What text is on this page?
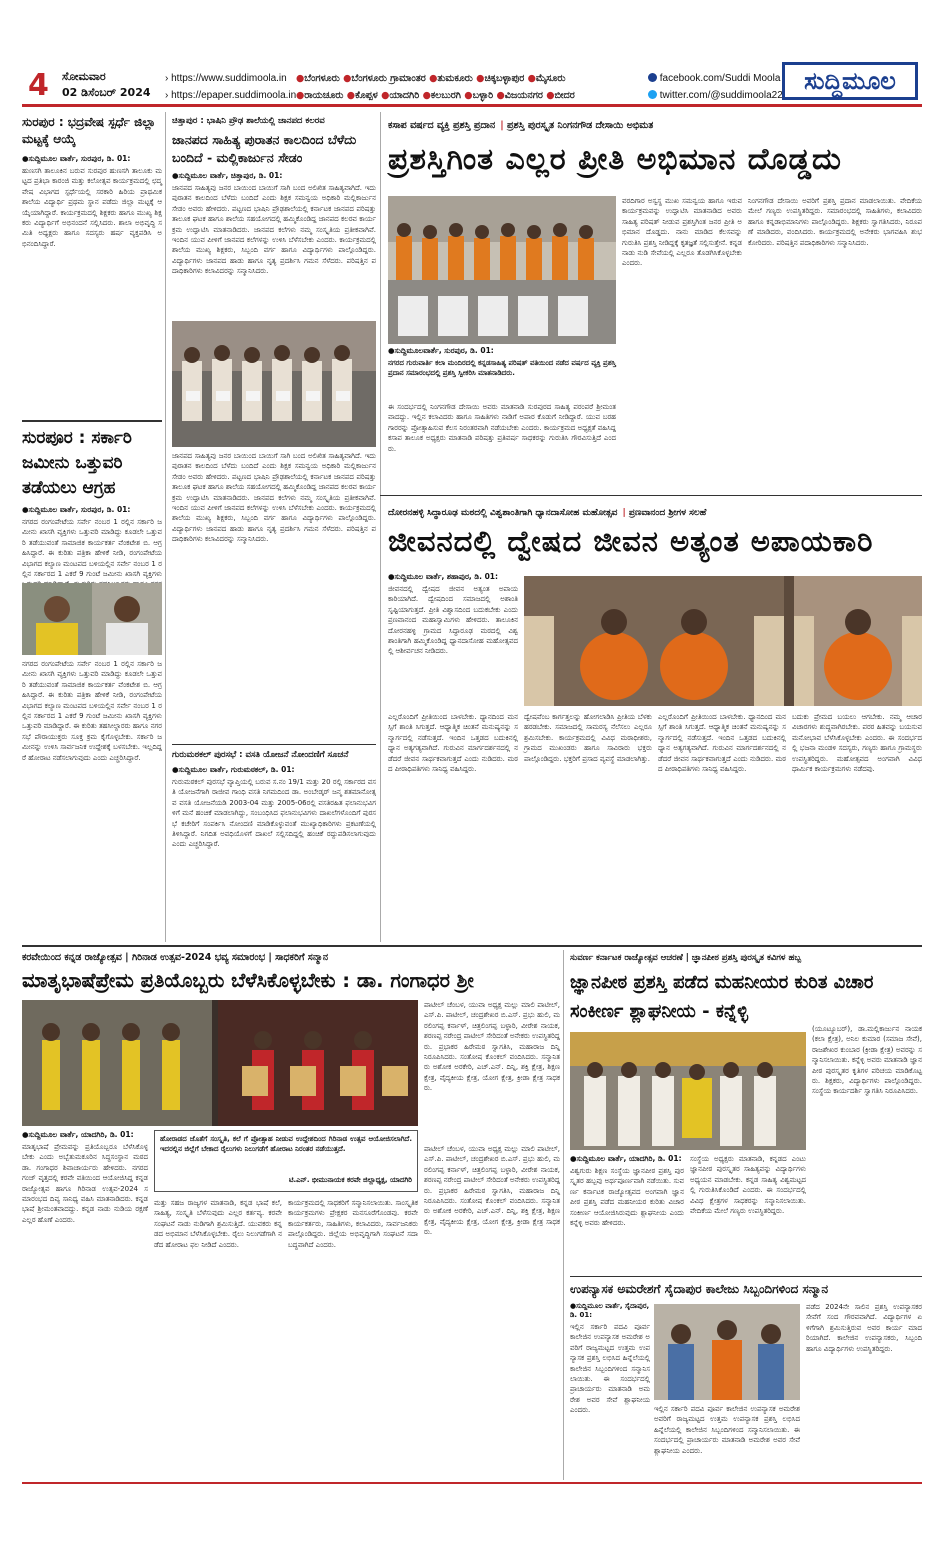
4 ಸೋಮವಾರ
02 ಡಿಸೆಂಬರ್ 2024
› https://www.suddimoola.in
› https://epaper.suddimoola.in
●ಬೆಂಗಳೂರು ●ಬೆಂಗಳೂರು ಗ್ರಾಮಾಂತರ ●ತುಮಕೂರು ●ಚಿಕ್ಕಬಳ್ಳಾಪುರ ●ಮೈಸೂರು
●ರಾಯಚೂರು ●ಕೊಪ್ಪಳ ●ಯಾದಗಿರಿ ●ಕಲಬುರಗಿ ●ಬಳ್ಳಾರಿ ●ವಿಜಯನಗರ ●ಬೀದರ
facebook.com/Suddi Moola
twitter.com/@suddimoola22
ಸುದ್ದಿಮೂಲ
ಸುರಪುರ : ಭದ್ರವೇಷ ಸ್ಪರ್ಧೆ ಜಿಲ್ಲಾ ಮಟ್ಟಕ್ಕೆ ಆಯ್ಕೆ
●ಸುದ್ದಿಮೂಲ ವಾರ್ತೆ, ಸುರಪುರ, ಡಿ. 01:
ಹುಣಸಗಿ ತಾಲೂಕಿನ ಬರುವ ಸುರಪುರ ಹುಣಸಗಿ ತಾಲೂಕು ಮಟ್ಟದ ಪ್ರತಿಭಾ ಕಾರಂಜಿ ಮತ್ತು ಕಲೋತ್ಸವ ಕಾರ್ಯಕ್ರಮದಲ್ಲಿ ಛದ್ಮವೇಷ ವಿಭಾಗದ ಸ್ಪರ್ಧೆಯಲ್ಲಿ ಸರಕಾರಿ ಹಿರಿಯ ಪ್ರಾಥಮಿಕ ಶಾಲೆಯ ವಿದ್ಯಾರ್ಥಿ ಪ್ರಥಮ ಸ್ಥಾನ ಪಡೆದು ಜಿಲ್ಲಾ ಮಟ್ಟಕ್ಕೆ ಆಯ್ಕೆಯಾಗಿದ್ದಾರೆ. ಕಾರ್ಯಕ್ರಮದಲ್ಲಿ ಶಿಕ್ಷಕರು ಹಾಗೂ ಮುಖ್ಯ ಶಿಕ್ಷಕರು ವಿದ್ಯಾರ್ಥಿಗೆ ಅಭಿನಂದನೆ ಸಲ್ಲಿಸಿದರು. ಶಾಲಾ ಅಭಿವೃದ್ಧಿ ಸಮಿತಿ ಅಧ್ಯಕ್ಷರು ಹಾಗೂ ಸದಸ್ಯರು ಹರ್ಷ ವ್ಯಕ್ತಪಡಿಸಿ ಅಭಿನಂದಿಸಿದ್ದಾರೆ.
ಸುರಪೂರ : ಸರ್ಕಾರಿ ಜಮೀನು ಒತ್ತುವರಿ ತಡೆಯಲು ಆಗ್ರಹ
●ಸುದ್ದಿಮೂಲ ವಾರ್ತೆ, ಸುರಪುರ, ಡಿ. 01:
ನಗರದ ರಂಗಂಪೇಟೆಯ ಸರ್ವೇ ನಂಬರ 1 ರಲ್ಲಿನ ಸರ್ಕಾರಿ ಜಮೀನು ಖಾಸಗಿ ವ್ಯಕ್ತಿಗಳು ಒತ್ತುವರಿ ಮಾಡಿದ್ದು ಕೂಡಲೇ ಒತ್ತುವರಿ ತಡೆಯುವಂತೆ ಸಾಮಾಜಿಕ ಕಾರ್ಯಕರ್ತ ವೆಂಕಟೇಶ ಬಿ. ಆಗ್ರಹಿಸಿದ್ದಾರೆ. ಈ ಕುರಿತು ಪತ್ರಿಕಾ ಹೇಳಿಕೆ ನೀಡಿ, ರಂಗಂಪೇಟೆಯ ವಿಭಾಗದ ಕಲ್ಯಾಣ ಮಂಟಪದ ಬಳಿಯಲ್ಲಿನ ಸರ್ವೇ ನಂಬರ 1 ರಲ್ಲಿನ ಸರ್ಕಾರದ 1 ಎಕರೆ 9 ಗುಂಟೆ ಜಮೀನು ಖಾಸಗಿ ವ್ಯಕ್ತಿಗಳು
ನಗರದ ರಂಗಂಪೇಟೆಯ ಸರ್ವೇ ನಂಬರ 1 ರಲ್ಲಿನ ಸರ್ಕಾರಿ ಜಮೀನು ಖಾಸಗಿ ವ್ಯಕ್ತಿಗಳು ಒತ್ತುವರಿ ಮಾಡಿದ್ದು ಕೂಡಲೇ ಒತ್ತುವರಿ ತಡೆಯುವಂತೆ ಸಾಮಾಜಿಕ ಕಾರ್ಯಕರ್ತ ವೆಂಕಟೇಶ ಬಿ. ಆಗ್ರಹಿಸಿದ್ದಾರೆ. ಈ ಕುರಿತು ಪತ್ರಿಕಾ ಹೇಳಿಕೆ ನೀಡಿ, ರಂಗಂಪೇಟೆಯ ವಿಭಾಗದ ಕಲ್ಯಾಣ ಮಂಟಪದ ಬಳಿಯಲ್ಲಿನ ಸರ್ವೇ ನಂಬರ 1 ರಲ್ಲಿನ ಸರ್ಕಾರದ 1 ಎಕರೆ 9 ಗುಂಟೆ ಜಮೀನು ಖಾಸಗಿ ವ್ಯಕ್ತಿಗಳು ಒತ್ತುವರಿ ಮಾಡಿದ್ದಾರೆ. ಈ ಕುರಿತು ತಹಸೀಲ್ದಾರರು ಹಾಗೂ ನಗರಸಭೆ ಪೌರಾಯುಕ್ತರು ಸೂಕ್ತ ಕ್ರಮ ಕೈಗೊಳ್ಳಬೇಕು. ಸರ್ಕಾರಿ ಜಮೀನನ್ನು ಉಳಿಸಿ ಸಾರ್ವಜನಿಕ ಉದ್ದೇಶಕ್ಕೆ ಬಳಸಬೇಕು. ಇಲ್ಲದಿದ್ದರೆ ಹೋರಾಟ ನಡೆಸಲಾಗುವುದು ಎಂದು ಎಚ್ಚರಿಸಿದ್ದಾರೆ.
ಚಿತ್ತಾಪುರ : ಭಾಷಿನಿ ಪ್ರೌಢ ಶಾಲೆಯಲ್ಲಿ ಜಾನಪದ ಕಲರವ
ಜಾನಪದ ಸಾಹಿತ್ಯ ಪುರಾತನ ಕಾಲದಿಂದ ಬೆಳೆದು ಬಂದಿದೆ - ಮಲ್ಲಿಕಾರ್ಜುನ ಸೇಡಂ
●ಸುದ್ದಿಮೂಲ ವಾರ್ತೆ, ಚಿತ್ತಾಪುರ, ಡಿ. 01:
ಜಾನಪದ ಸಾಹಿತ್ಯವು ಜನರ ಬಾಯಿಂದ ಬಾಯಿಗೆ ಸಾಗಿ ಬಂದ ಅಲಿಖಿತ ಸಾಹಿತ್ಯವಾಗಿದೆ. ಇದು ಪುರಾತನ ಕಾಲದಿಂದ ಬೆಳೆದು ಬಂದಿದೆ ಎಂದು ಶಿಕ್ಷಕ ಸಮನ್ವಯ ಅಧಿಕಾರಿ ಮಲ್ಲಿಕಾರ್ಜುನ ಸೇಡಂ ಅವರು ಹೇಳಿದರು. ಪಟ್ಟಣದ ಭಾಷಿನಿ ಪ್ರೌಢಶಾಲೆಯಲ್ಲಿ ಕರ್ನಾಟಕ ಜಾನಪದ ಪರಿಷತ್ತು ತಾಲೂಕ ಘಟಕ ಹಾಗೂ ಶಾಲೆಯ ಸಹಯೋಗದಲ್ಲಿ ಹಮ್ಮಿಕೊಂಡಿದ್ದ ಜಾನಪದ ಕಲರವ ಕಾರ್ಯಕ್ರಮ ಉದ್ಘಾಟಿಸಿ ಮಾತನಾಡಿದರು. ಜಾನಪದ ಕಲೆಗಳು ನಮ್ಮ ಸಂಸ್ಕೃತಿಯ ಪ್ರತೀಕವಾಗಿವೆ. ಇಂದಿನ ಯುವ ಪೀಳಿಗೆ ಜಾನಪದ ಕಲೆಗಳನ್ನು ಉಳಿಸಿ ಬೆಳೆಸಬೇಕು ಎಂದರು. ಕಾರ್ಯಕ್ರಮದಲ್ಲಿ ಶಾಲೆಯ ಮುಖ್ಯ ಶಿಕ್ಷಕರು, ಸಿಬ್ಬಂದಿ ವರ್ಗ ಹಾಗೂ ವಿದ್ಯಾರ್ಥಿಗಳು ಪಾಲ್ಗೊಂಡಿದ್ದರು. ವಿದ್ಯಾರ್ಥಿಗಳು ಜಾನಪದ ಹಾಡು ಹಾಗೂ ನೃತ್ಯ ಪ್ರದರ್ಶಿಸಿ ಗಮನ ಸೆಳೆದರು. ಪರಿಷತ್ತಿನ ಪದಾಧಿಕಾರಿಗಳು ಕಲಾವಿದರನ್ನು ಸನ್ಮಾನಿಸಿದರು.
ಜಾನಪದ ಸಾಹಿತ್ಯವು ಜನರ ಬಾಯಿಂದ ಬಾಯಿಗೆ ಸಾಗಿ ಬಂದ ಅಲಿಖಿತ ಸಾಹಿತ್ಯವಾಗಿದೆ. ಇದು ಪುರಾತನ ಕಾಲದಿಂದ ಬೆಳೆದು ಬಂದಿದೆ ಎಂದು ಶಿಕ್ಷಕ ಸಮನ್ವಯ ಅಧಿಕಾರಿ ಮಲ್ಲಿಕಾರ್ಜುನ ಸೇಡಂ ಅವರು ಹೇಳಿದರು. ಪಟ್ಟಣದ ಭಾಷಿನಿ ಪ್ರೌಢಶಾಲೆಯಲ್ಲಿ ಕರ್ನಾಟಕ ಜಾನಪದ ಪರಿಷತ್ತು ತಾಲೂಕ ಘಟಕ ಹಾಗೂ ಶಾಲೆಯ ಸಹಯೋಗದಲ್ಲಿ ಹಮ್ಮಿಕೊಂಡಿದ್ದ ಜಾನಪದ ಕಲರವ ಕಾರ್ಯಕ್ರಮ ಉದ್ಘಾಟಿಸಿ ಮಾತನಾಡಿದರು. ಜಾನಪದ ಕಲೆಗಳು ನಮ್ಮ ಸಂಸ್ಕೃತಿಯ ಪ್ರತೀಕವಾಗಿವೆ. ಇಂದಿನ ಯುವ ಪೀಳಿಗೆ ಜಾನಪದ ಕಲೆಗಳನ್ನು ಉಳಿಸಿ ಬೆಳೆಸಬೇಕು ಎಂದರು. ಕಾರ್ಯಕ್ರಮದಲ್ಲಿ ಶಾಲೆಯ ಮುಖ್ಯ ಶಿಕ್ಷಕರು, ಸಿಬ್ಬಂದಿ ವರ್ಗ ಹಾಗೂ ವಿದ್ಯಾರ್ಥಿಗಳು ಪಾಲ್ಗೊಂಡಿದ್ದರು. ವಿದ್ಯಾರ್ಥಿಗಳು ಜಾನಪದ ಹಾಡು ಹಾಗೂ ನೃತ್ಯ ಪ್ರದರ್ಶಿಸಿ ಗಮನ ಸೆಳೆದರು. ಪರಿಷತ್ತಿನ ಪದಾಧಿಕಾರಿಗಳು ಕಲಾವಿದರನ್ನು ಸನ್ಮಾನಿಸಿದರು.
ಗುರುಮಠಕಲ್ ಪುರಸಭೆ : ವಸತಿ ಯೋಜನೆ ನೋಂದಣಿಗೆ ಸೂಚನೆ
●ಸುದ್ದಿಮೂಲ ವಾರ್ತೆ, ಗುರುಮಠಕಲ್, ಡಿ. 01:
ಗುರುಮಠಕಲ್ ಪುರಸಭೆ ವ್ಯಾಪ್ತಿಯಲ್ಲಿ ಬರುವ ಸ.ನಂ 19/1 ಮತ್ತು 20 ರಲ್ಲಿ ಸರ್ಕಾರದ ವಸತಿ ಯೋಜನೆಗಾಗಿ ರಾಜೀವ ಗಾಂಧಿ ವಸತಿ ನಿಗಮದಿಂದ ಡಾ. ಅಂಬೇಡ್ಕರ್ ಜನ್ಮ ಶತಮಾನೋತ್ಸವ ವಸತಿ ಯೋಜನೆಯಡಿ 2003-04 ಮತ್ತು 2005-06ರಲ್ಲಿ ವಸತಿರಹಿತ ಫಲಾನುಭವಿಗಳಿಗೆ ಮನೆ ಹಂಚಿಕೆ ಮಾಡಲಾಗಿದ್ದು, ಸಂಬಂಧಿಸಿದ ಫಲಾನುಭವಿಗಳು ದಾಖಲೆಗಳೊಂದಿಗೆ ಪುರಸಭೆ ಕಚೇರಿಗೆ ಸಂಪರ್ಕಿಸಿ ನೋಂದಣಿ ಮಾಡಿಕೊಳ್ಳುವಂತೆ ಮುಖ್ಯಾಧಿಕಾರಿಗಳು ಪ್ರಕಟಣೆಯಲ್ಲಿ ತಿಳಿಸಿದ್ದಾರೆ. ನಿಗದಿತ ಅವಧಿಯೊಳಗೆ ದಾಖಲೆ ಸಲ್ಲಿಸದಿದ್ದಲ್ಲಿ ಹಂಚಿಕೆ ರದ್ದುಪಡಿಸಲಾಗುವುದು ಎಂದು ಎಚ್ಚರಿಸಿದ್ದಾರೆ.
ಕಸಾಪ ವರ್ಷದ ವ್ಯಕ್ತಿ ಪ್ರಶಸ್ತಿ ಪ್ರದಾನ | ಪ್ರಶಸ್ತಿ ಪುರಸ್ಕೃತ ನಿಂಗನಗೌಡ ದೇಸಾಯಿ ಅಭಿಮತ
ಪ್ರಶಸ್ತಿಗಿಂತ ಎಲ್ಲರ ಪ್ರೀತಿ ಅಭಿಮಾನ ದೊಡ್ಡದು
●ಸುದ್ದಿಮೂಲವಾರ್ತೆ, ಸುರಪುರ, ಡಿ. 01:
ನಗರದ ಗುರುವಾರ್ತಿ ಕಲಾ ಮಂದಿರದಲ್ಲಿ ಕನ್ನಡಸಾಹಿತ್ಯ ಪರಿಷತ್ ವತಿಯಿಂದ ನಡೆದ ವರ್ಷದ ವ್ಯಕ್ತಿ ಪ್ರಶಸ್ತಿ ಪ್ರದಾನ ಸಮಾರಂಭದಲ್ಲಿ ಪ್ರಶಸ್ತಿ ಸ್ವೀಕರಿಸಿ ಮಾತನಾಡಿದರು.
ಈ ಸಂದರ್ಭದಲ್ಲಿ ನಿಂಗನಗೌಡ ದೇಸಾಯಿ ಅವರು ಮಾತನಾಡಿ ಸುರಪುರದ ಸಾಹಿತ್ಯ ಪರಂಪರೆ ಶ್ರೀಮಂತವಾದದ್ದು. ಇಲ್ಲಿನ ಕಲಾವಿದರು ಹಾಗೂ ಸಾಹಿತಿಗಳು ನಾಡಿಗೆ ಅಪಾರ ಕೊಡುಗೆ ನೀಡಿದ್ದಾರೆ. ಯುವ ಬರಹಗಾರರನ್ನು ಪ್ರೋತ್ಸಾಹಿಸುವ ಕೆಲಸ ನಿರಂತರವಾಗಿ ನಡೆಯಬೇಕು ಎಂದರು. ಕಾರ್ಯಕ್ರಮದ ಅಧ್ಯಕ್ಷತೆ ವಹಿಸಿದ್ದ ಕಸಾಪ ತಾಲೂಕ ಅಧ್ಯಕ್ಷರು ಮಾತನಾಡಿ ಪರಿಷತ್ತು ಪ್ರತಿವರ್ಷ ಸಾಧಕರನ್ನು ಗುರುತಿಸಿ ಗೌರವಿಸುತ್ತಿದೆ ಎಂದರು.
ವರದಿಗಾರ ಅಸ್ವಸ್ಥ ಮುಖ ಸಮನ್ವಯ ಹಾಗೂ ಇರುವ ಕಾರ್ಯಕ್ರಮವನ್ನು ಉದ್ಘಾಟಿಸಿ ಮಾತನಾಡಿದ ಅವರು ಸಾಹಿತ್ಯ ಪರಿಷತ್ ನೀಡುವ ಪ್ರಶಸ್ತಿಗಿಂತ ಜನರ ಪ್ರೀತಿ ಅಭಿಮಾನ ದೊಡ್ಡದು. ನಾನು ಮಾಡಿದ ಕೆಲಸವನ್ನು ಗುರುತಿಸಿ ಪ್ರಶಸ್ತಿ ನೀಡಿದ್ದಕ್ಕೆ ಕೃತಜ್ಞತೆ ಸಲ್ಲಿಸುತ್ತೇನೆ. ಕನ್ನಡ ನಾಡು ನುಡಿ ಸೇವೆಯಲ್ಲಿ ಎಲ್ಲರೂ ತೊಡಗಿಸಿಕೊಳ್ಳಬೇಕು ಎಂದರು.
ನಿಂಗನಗೌಡ ದೇಸಾಯಿ ಅವರಿಗೆ ಪ್ರಶಸ್ತಿ ಪ್ರದಾನ ಮಾಡಲಾಯಿತು. ವೇದಿಕೆಯ ಮೇಲೆ ಗಣ್ಯರು ಉಪಸ್ಥಿತರಿದ್ದರು. ಸಮಾರಂಭದಲ್ಲಿ ಸಾಹಿತಿಗಳು, ಕಲಾವಿದರು ಹಾಗೂ ಕನ್ನಡಾಭಿಮಾನಿಗಳು ಪಾಲ್ಗೊಂಡಿದ್ದರು. ಶಿಕ್ಷಕರು ಸ್ವಾಗತಿಸಿದರು, ನಿರೂಪಣೆ ಮಾಡಿದರು, ವಂದಿಸಿದರು. ಕಾರ್ಯಕ್ರಮದಲ್ಲಿ ಅನೇಕರು ಭಾಗವಹಿಸಿ ಶುಭ ಕೋರಿದರು. ಪರಿಷತ್ತಿನ ಪದಾಧಿಕಾರಿಗಳು ಸನ್ಮಾನಿಸಿದರು.
ದೋರನಹಳ್ಳಿ ಸಿದ್ಧಾರೂಢ ಮಠದಲ್ಲಿ ವಿಶ್ವಶಾಂತಿಗಾಗಿ ಧ್ಯಾನದಾಸೋಹ ಮಹೋತ್ಸವ | ಪ್ರಣವಾನಂದ ಶ್ರೀಗಳ ಸಲಹೆ
ಜೀವನದಲ್ಲಿ ದ್ವೇಷದ ಜೀವನ ಅತ್ಯಂತ ಅಪಾಯಕಾರಿ
●ಸುದ್ದಿಮೂಲ ವಾರ್ತೆ, ಶಹಾಪುರ, ಡಿ. 01:
ಜೀವನದಲ್ಲಿ ದ್ವೇಷದ ಜೀವನ ಅತ್ಯಂತ ಅಪಾಯಕಾರಿಯಾಗಿದೆ. ದ್ವೇಷದಿಂದ ಸಮಾಜದಲ್ಲಿ ಅಶಾಂತಿ ಸೃಷ್ಟಿಯಾಗುತ್ತದೆ. ಪ್ರೀತಿ ವಿಶ್ವಾಸದಿಂದ ಬದುಕಬೇಕು ಎಂದು ಪ್ರಣವಾನಂದ ಮಹಾಸ್ವಾಮಿಗಳು ಹೇಳಿದರು. ತಾಲೂಕಿನ ದೋರನಹಳ್ಳಿ ಗ್ರಾಮದ ಸಿದ್ಧಾರೂಢ ಮಠದಲ್ಲಿ ವಿಶ್ವಶಾಂತಿಗಾಗಿ ಹಮ್ಮಿಕೊಂಡಿದ್ದ ಧ್ಯಾನದಾಸೋಹ ಮಹೋತ್ಸವದಲ್ಲಿ ಆಶೀರ್ವಚನ ನೀಡಿದರು.
ಎಲ್ಲರೊಂದಿಗೆ ಪ್ರೀತಿಯಿಂದ ಬಾಳಬೇಕು. ಧ್ಯಾನದಿಂದ ಮನಸ್ಸಿಗೆ ಶಾಂತಿ ಸಿಗುತ್ತದೆ. ಆಧ್ಯಾತ್ಮಿಕ ಚಿಂತನೆ ಮನುಷ್ಯನನ್ನು ಸನ್ಮಾರ್ಗದಲ್ಲಿ ನಡೆಸುತ್ತದೆ. ಇಂದಿನ ಒತ್ತಡದ ಬದುಕಿನಲ್ಲಿ ಧ್ಯಾನ ಅತ್ಯಗತ್ಯವಾಗಿದೆ. ಗುರುವಿನ ಮಾರ್ಗದರ್ಶನದಲ್ಲಿ ನಡೆದರೆ ಜೀವನ ಸಾರ್ಥಕವಾಗುತ್ತದೆ ಎಂದು ನುಡಿದರು. ಮಠದ ಪೀಠಾಧಿಪತಿಗಳು ಸಾನಿಧ್ಯ ವಹಿಸಿದ್ದರು.
ದ್ವೇಷವೆಂಬ ಕಾರ್ಗತ್ತಲನ್ನು ಹೋಗಲಾಡಿಸಿ ಪ್ರೀತಿಯ ಬೆಳಕು ಹರಡಬೇಕು. ಸಮಾಜದಲ್ಲಿ ಸಾಮರಸ್ಯ ನೆಲೆಸಲು ಎಲ್ಲರೂ ಶ್ರಮಿಸಬೇಕು. ಕಾರ್ಯಕ್ರಮದಲ್ಲಿ ವಿವಿಧ ಮಠಾಧೀಶರು, ಗ್ರಾಮದ ಮುಖಂಡರು ಹಾಗೂ ಸಾವಿರಾರು ಭಕ್ತರು ಪಾಲ್ಗೊಂಡಿದ್ದರು. ಭಕ್ತರಿಗೆ ಪ್ರಸಾದ ವ್ಯವಸ್ಥೆ ಮಾಡಲಾಗಿತ್ತು.
ಎಲ್ಲರೊಂದಿಗೆ ಪ್ರೀತಿಯಿಂದ ಬಾಳಬೇಕು. ಧ್ಯಾನದಿಂದ ಮನಸ್ಸಿಗೆ ಶಾಂತಿ ಸಿಗುತ್ತದೆ. ಆಧ್ಯಾತ್ಮಿಕ ಚಿಂತನೆ ಮನುಷ್ಯನನ್ನು ಸನ್ಮಾರ್ಗದಲ್ಲಿ ನಡೆಸುತ್ತದೆ. ಇಂದಿನ ಒತ್ತಡದ ಬದುಕಿನಲ್ಲಿ ಧ್ಯಾನ ಅತ್ಯಗತ್ಯವಾಗಿದೆ. ಗುರುವಿನ ಮಾರ್ಗದರ್ಶನದಲ್ಲಿ ನಡೆದರೆ ಜೀವನ ಸಾರ್ಥಕವಾಗುತ್ತದೆ ಎಂದು ನುಡಿದರು. ಮಠದ ಪೀಠಾಧಿಪತಿಗಳು ಸಾನಿಧ್ಯ ವಹಿಸಿದ್ದರು.
ಬದುಕು ಪ್ರೇಮದ ಬಯಲು ಆಗಬೇಕು. ನಮ್ಮ ಆಚಾರ ವಿಚಾರಗಳು ಶುದ್ಧವಾಗಿರಬೇಕು. ಪರರ ಹಿತವನ್ನು ಬಯಸುವ ಮನೋಭಾವ ಬೆಳೆಸಿಕೊಳ್ಳಬೇಕು ಎಂದರು. ಈ ಸಂದರ್ಭದಲ್ಲಿ ಭಜನಾ ಮಂಡಳಿ ಸದಸ್ಯರು, ಗಣ್ಯರು ಹಾಗೂ ಗ್ರಾಮಸ್ಥರು ಉಪಸ್ಥಿತರಿದ್ದರು. ಮಹೋತ್ಸವದ ಅಂಗವಾಗಿ ವಿವಿಧ ಧಾರ್ಮಿಕ ಕಾರ್ಯಕ್ರಮಗಳು ನಡೆದವು.
ಕರವೇಯಿಂದ ಕನ್ನಡ ರಾಜ್ಯೋತ್ಸವ | ಗಿರಿನಾಡ ಉತ್ಸವ-2024 ಭವ್ಯ ಸಮಾರಂಭ | ಸಾಧಕರಿಗೆ ಸನ್ಮಾನ
ಮಾತೃಭಾಷೆಪ್ರೇಮ ಪ್ರತಿಯೊಬ್ಬರು ಬೆಳೆಸಿಕೊಳ್ಳಬೇಕು : ಡಾ. ಗಂಗಾಧರ ಶ್ರೀ
ಪಾಟೀಲ್ ಚೆಂಬಳ, ಯುವಾ ಅಧ್ಯಕ್ಷ ಮಲ್ಲು ಮಾಲಿ ಪಾಟೀಲ್, ಎಸ್.ಪಿ. ಪಾಟೀಲ್, ಚಂದ್ರಶೇಖರ ಬಿ.ಎಸ್. ಪ್ರಭು ಹುಲಿ, ಮರಲಿಂಗಪ್ಪ ಕರ್ನಾಳ್, ಚಿತ್ರಲಿಂಗಪ್ಪ ಬಳ್ಳಾರಿ, ವೀರೇಶ ನಾಯಕ, ಶರಣಪ್ಪ ನರೇಂದ್ರ ಪಾಟೀಲ್ ಸೇರಿದಂತೆ ಅನೇಕರು ಉಪಸ್ಥಿತರಿದ್ದರು. ಪ್ರಭಾಕರ ಹಿರೇಮಠ ಸ್ವಾಗತಿಸಿ, ಮಹಾರಾಜ ದಿನ್ನಿ ನಿರೂಪಿಸಿದರು. ಸಂತೋಷ ಕೊಂಕಲ್ ವಂದಿಸಿದರು. ಸನ್ಮಾನಿತರು ಅಶೋಕ ಅರಕೇರಿ, ಎಚ್.ಎನ್. ದಿನ್ನಿ, ಶಕ್ತಿ ಕ್ಷೇತ್ರ, ಶಿಕ್ಷಣ ಕ್ಷೇತ್ರ, ವೈದ್ಯಕೀಯ ಕ್ಷೇತ್ರ, ಯೋಗ ಕ್ಷೇತ್ರ, ಕ್ರೀಡಾ ಕ್ಷೇತ್ರ ಸಾಧಕರು.
●ಸುದ್ದಿಮೂಲ ವಾರ್ತೆ, ಯಾದಗಿರಿ, ಡಿ. 01:
ಮಾತೃಭಾಷೆ ಪ್ರೇಮವನ್ನು ಪ್ರತಿಯೊಬ್ಬರೂ ಬೆಳೆಸಿಕೊಳ್ಳಬೇಕು ಎಂದು ಅಬ್ಬೆತುಮಕೂರಿನ ಸಿದ್ಧಸಂಸ್ಥಾನ ಮಠದ ಡಾ. ಗಂಗಾಧರ ಶಿವಾಚಾರ್ಯರು ಹೇಳಿದರು. ನಗರದ ಗಂಜ್ ವೃತ್ತದಲ್ಲಿ ಕರವೇ ವತಿಯಿಂದ ಆಯೋಜಿಸಿದ್ದ ಕನ್ನಡ ರಾಜ್ಯೋತ್ಸವ ಹಾಗೂ ಗಿರಿನಾಡ ಉತ್ಸವ-2024 ಸಮಾರಂಭದ ದಿವ್ಯ ಸಾನಿಧ್ಯ ವಹಿಸಿ ಮಾತನಾಡಿದರು. ಕನ್ನಡ ಭಾಷೆ ಶ್ರೀಮಂತವಾದದ್ದು. ಕನ್ನಡ ನಾಡು ನುಡಿಯ ರಕ್ಷಣೆ ಎಲ್ಲರ ಹೊಣೆ ಎಂದರು.
ಹೋರಾಡದ ಜೊತೆಗೆ ಸಂಸ್ಕೃತಿ, ಕಲೆ ಗೆ ಪ್ರೋತ್ಸಾಹ ನೀಡುವ ಉದ್ದೇಶದಿಂದ ಗಿರಿನಾಡ ಉತ್ಸವ ಆಯೋಜಿಸಲಾಗಿದೆ. ಇದರಲ್ಲಿನ ಜಿಲ್ಲೆಗೆ ಬೇಕಾದ ರೈಲುಗಳು ನಿಲುಗಡೆಗೆ ಹೋರಾಟ ನಿರಂತರ ನಡೆಯುತ್ತದೆ.
ಟಿ.ಎನ್. ಭೀಮುನಾಯಕ ಕರವೇ ಜಿಲ್ಲಾಧ್ಯಕ್ಷ, ಯಾದಗಿರಿ
ಮತ್ತು ಸಹಜ ರಾಜ್ಯಗಳ ಮಾತನಾಡಿ, ಕನ್ನಡ ಭಾಷೆ ಕಲೆ, ಸಾಹಿತ್ಯ, ಸಂಸ್ಕೃತಿ ಬೆಳೆಸುವುದು ಎಲ್ಲರ ಕರ್ತವ್ಯ. ಕರವೇ ಸಂಘಟನೆ ನಾಡು ನುಡಿಗಾಗಿ ಶ್ರಮಿಸುತ್ತಿದೆ. ಯುವಕರು ಕನ್ನಡದ ಅಭಿಮಾನ ಬೆಳೆಸಿಕೊಳ್ಳಬೇಕು. ರೈಲು ನಿಲುಗಡೆಗಾಗಿ ನಡೆದ ಹೋರಾಟ ಫಲ ನೀಡಿದೆ ಎಂದರು.
ಕಾರ್ಯಕ್ರಮದಲ್ಲಿ ಸಾಧಕರಿಗೆ ಸನ್ಮಾನಿಸಲಾಯಿತು. ಸಾಂಸ್ಕೃತಿಕ ಕಾರ್ಯಕ್ರಮಗಳು ಪ್ರೇಕ್ಷಕರ ಮನಸೂರೆಗೊಂಡವು. ಕರವೇ ಕಾರ್ಯಕರ್ತರು, ಸಾಹಿತಿಗಳು, ಕಲಾವಿದರು, ಸಾರ್ವಜನಿಕರು ಪಾಲ್ಗೊಂಡಿದ್ದರು. ಜಿಲ್ಲೆಯ ಅಭಿವೃದ್ಧಿಗಾಗಿ ಸಂಘಟನೆ ಸದಾ ಬದ್ಧವಾಗಿದೆ ಎಂದರು.
ಪಾಟೀಲ್ ಚೆಂಬಳ, ಯುವಾ ಅಧ್ಯಕ್ಷ ಮಲ್ಲು ಮಾಲಿ ಪಾಟೀಲ್, ಎಸ್.ಪಿ. ಪಾಟೀಲ್, ಚಂದ್ರಶೇಖರ ಬಿ.ಎಸ್. ಪ್ರಭು ಹುಲಿ, ಮರಲಿಂಗಪ್ಪ ಕರ್ನಾಳ್, ಚಿತ್ರಲಿಂಗಪ್ಪ ಬಳ್ಳಾರಿ, ವೀರೇಶ ನಾಯಕ, ಶರಣಪ್ಪ ನರೇಂದ್ರ ಪಾಟೀಲ್ ಸೇರಿದಂತೆ ಅನೇಕರು ಉಪಸ್ಥಿತರಿದ್ದರು. ಪ್ರಭಾಕರ ಹಿರೇಮಠ ಸ್ವಾಗತಿಸಿ, ಮಹಾರಾಜ ದಿನ್ನಿ ನಿರೂಪಿಸಿದರು. ಸಂತೋಷ ಕೊಂಕಲ್ ವಂದಿಸಿದರು. ಸನ್ಮಾನಿತರು ಅಶೋಕ ಅರಕೇರಿ, ಎಚ್.ಎನ್. ದಿನ್ನಿ, ಶಕ್ತಿ ಕ್ಷೇತ್ರ, ಶಿಕ್ಷಣ ಕ್ಷೇತ್ರ, ವೈದ್ಯಕೀಯ ಕ್ಷೇತ್ರ, ಯೋಗ ಕ್ಷೇತ್ರ, ಕ್ರೀಡಾ ಕ್ಷೇತ್ರ ಸಾಧಕರು.
ಸುವರ್ಣ ಕರ್ನಾಟಕ ರಾಜ್ಯೋತ್ಸವ ಆಚರಣೆ | ಜ್ಞಾನಪೀಠ ಪ್ರಶಸ್ತಿ ಪುರಸ್ಕೃತ ಕವಿಗಳ ಹಬ್ಬ
ಜ್ಞಾನಪೀಠ ಪ್ರಶಸ್ತಿ ಪಡೆದ ಮಹನೀಯರ ಕುರಿತ ವಿಚಾರ ಸಂಕೀರ್ಣ ಶ್ಲಾಘನೀಯ - ಕನ್ನೆಳ್ಳಿ
(ಯೂಟ್ಯೂಬರ್), ಡಾ.ಮಲ್ಲಿಕಾರ್ಜುನ ನಾಯಕ (ಕಲಾ ಕ್ಷೇತ್ರ), ಅನಿಲ ಕುಮಾರ (ಸಮಾಜ ಸೇವೆ), ರಾಜಶೇಖರ ಕುಂಬಾರ (ಕ್ರೀಡಾ ಕ್ಷೇತ್ರ) ಅವರನ್ನು ಸನ್ಮಾನಿಸಲಾಯಿತು. ಕನ್ನೆಳ್ಳಿ ಅವರು ಮಾತನಾಡಿ ಜ್ಞಾನಪೀಠ ಪುರಸ್ಕೃತರ ಕೃತಿಗಳ ಪರಿಚಯ ಮಾಡಿಕೊಟ್ಟರು. ಶಿಕ್ಷಕರು, ವಿದ್ಯಾರ್ಥಿಗಳು ಪಾಲ್ಗೊಂಡಿದ್ದರು. ಸಂಸ್ಥೆಯ ಕಾರ್ಯದರ್ಶಿ ಸ್ವಾಗತಿಸಿ ನಿರೂಪಿಸಿದರು.
●ಸುದ್ದಿಮೂಲ ವಾರ್ತೆ, ಯಾದಗಿರಿ, ಡಿ. 01:
ವಿಶ್ವಗುರು ಶಿಕ್ಷಣ ಸಂಸ್ಥೆಯ ಜ್ಞಾನಪೀಠ ಪ್ರಶಸ್ತಿ ಪುರಸ್ಕೃತರ ಹಬ್ಬವು ಅರ್ಥಪೂರ್ಣವಾಗಿ ನಡೆಯಿತು. ಸುವರ್ಣ ಕರ್ನಾಟಕ ರಾಜ್ಯೋತ್ಸವದ ಅಂಗವಾಗಿ ಜ್ಞಾನಪೀಠ ಪ್ರಶಸ್ತಿ ಪಡೆದ ಮಹನೀಯರ ಕುರಿತು ವಿಚಾರ ಸಂಕೀರ್ಣ ಆಯೋಜಿಸಿರುವುದು ಶ್ಲಾಘನೀಯ ಎಂದು ಕನ್ನೆಳ್ಳಿ ಅವರು ಹೇಳಿದರು.
ಸಂಸ್ಥೆಯ ಅಧ್ಯಕ್ಷರು ಮಾತನಾಡಿ, ಕನ್ನಡದ ಎಂಟು ಜ್ಞಾನಪೀಠ ಪುರಸ್ಕೃತರ ಸಾಹಿತ್ಯವನ್ನು ವಿದ್ಯಾರ್ಥಿಗಳು ಅಧ್ಯಯನ ಮಾಡಬೇಕು. ಕನ್ನಡ ಸಾಹಿತ್ಯ ವಿಶ್ವಮಟ್ಟದಲ್ಲಿ ಗುರುತಿಸಿಕೊಂಡಿದೆ ಎಂದರು. ಈ ಸಂದರ್ಭದಲ್ಲಿ ವಿವಿಧ ಕ್ಷೇತ್ರಗಳ ಸಾಧಕರನ್ನು ಸನ್ಮಾನಿಸಲಾಯಿತು. ವೇದಿಕೆಯ ಮೇಲೆ ಗಣ್ಯರು ಉಪಸ್ಥಿತರಿದ್ದರು.
ಉಪನ್ಯಾಸಕ ಅಮರೇಶಗೆ ಸೈದಾಪುರ ಕಾಲೇಜು ಸಿಬ್ಬಂದಿಗಳಿಂದ ಸನ್ಮಾನ
●ಸುದ್ದಿಮೂಲ ವಾರ್ತೆ, ಸೈದಾಪುರ, ಡಿ. 01:
ಇಲ್ಲಿನ ಸರ್ಕಾರಿ ಪದವಿ ಪೂರ್ವ ಕಾಲೇಜಿನ ಉಪನ್ಯಾಸಕ ಅಮರೇಶ ಅವರಿಗೆ ರಾಜ್ಯಮಟ್ಟದ ಉತ್ತಮ ಉಪನ್ಯಾಸಕ ಪ್ರಶಸ್ತಿ ಲಭಿಸಿದ ಹಿನ್ನೆಲೆಯಲ್ಲಿ ಕಾಲೇಜಿನ ಸಿಬ್ಬಂದಿಗಳಿಂದ ಸನ್ಮಾನಿಸಲಾಯಿತು. ಈ ಸಂದರ್ಭದಲ್ಲಿ ಪ್ರಾಚಾರ್ಯರು ಮಾತನಾಡಿ ಅಮರೇಶ ಅವರ ಸೇವೆ ಶ್ಲಾಘನೀಯ ಎಂದರು.	ಇಲ್ಲಿನ ಸರ್ಕಾರಿ ಪದವಿ ಪೂರ್ವ ಕಾಲೇಜಿನ ಉಪನ್ಯಾಸಕ ಅಮರೇಶ ಅವರಿಗೆ ರಾಜ್ಯಮಟ್ಟದ ಉತ್ತಮ ಉಪನ್ಯಾಸಕ ಪ್ರಶಸ್ತಿ ಲಭಿಸಿದ ಹಿನ್ನೆಲೆಯಲ್ಲಿ ಕಾಲೇಜಿನ ಸಿಬ್ಬಂದಿಗಳಿಂದ ಸನ್ಮಾನಿಸಲಾಯಿತು. ಈ ಸಂದರ್ಭದಲ್ಲಿ ಪ್ರಾಚಾರ್ಯರು ಮಾತನಾಡಿ ಅಮರೇಶ ಅವರ ಸೇವೆ ಶ್ಲಾಘನೀಯ ಎಂದರು.
ಪಡೆದ 2024ನೇ ಸಾಲಿನ ಪ್ರಶಸ್ತಿ ಉಪನ್ಯಾಸಕರ ಸೇವೆಗೆ ಸಂದ ಗೌರವವಾಗಿದೆ. ವಿದ್ಯಾರ್ಥಿಗಳ ಏಳಿಗೆಗಾಗಿ ಶ್ರಮಿಸುತ್ತಿರುವ ಅವರ ಕಾರ್ಯ ಮಾದರಿಯಾಗಿದೆ. ಕಾಲೇಜಿನ ಉಪನ್ಯಾಸಕರು, ಸಿಬ್ಬಂದಿ ಹಾಗೂ ವಿದ್ಯಾರ್ಥಿಗಳು ಉಪಸ್ಥಿತರಿದ್ದರು.
